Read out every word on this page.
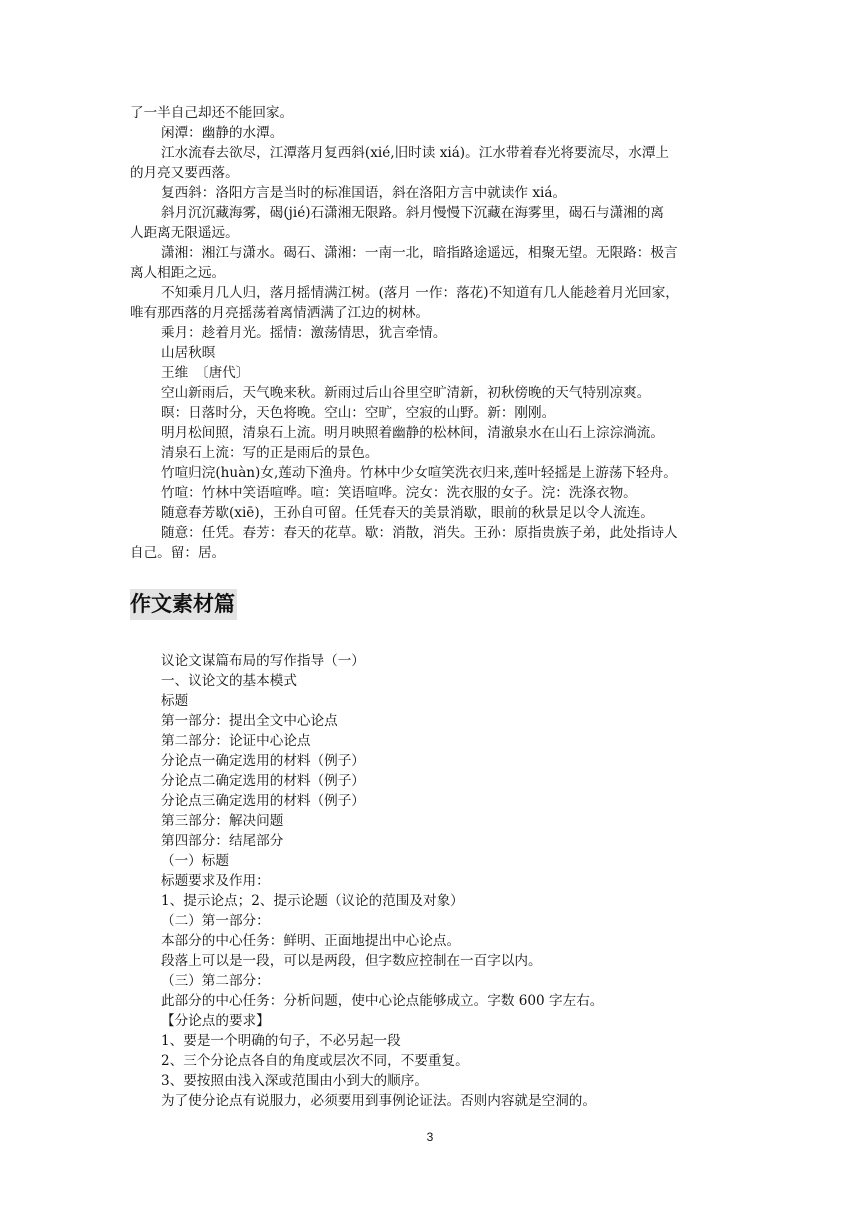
了一半自己却还不能回家。
闲潭：幽静的水潭。
江水流春去欲尽，江潭落月复西斜(xié,旧时读 xiá)。江水带着春光将要流尽，水潭上
的月亮又要西落。
复西斜：洛阳方言是当时的标准国语，斜在洛阳方言中就读作 xiá。
斜月沉沉藏海雾，碣(jié)石潇湘无限路。斜月慢慢下沉藏在海雾里，碣石与潇湘的离
人距离无限遥远。
潇湘：湘江与潇水。碣石、潇湘：一南一北，暗指路途遥远，相聚无望。无限路：极言
离人相距之远。
不知乘月几人归，落月摇情满江树。(落月 一作：落花)不知道有几人能趁着月光回家，
唯有那西落的月亮摇荡着离情洒满了江边的树林。
乘月：趁着月光。摇情：激荡情思，犹言牵情。
山居秋暝
王维　〔唐代〕
空山新雨后，天气晚来秋。新雨过后山谷里空旷清新，初秋傍晚的天气特别凉爽。
暝：日落时分，天色将晚。空山：空旷，空寂的山野。新：刚刚。
明月松间照，清泉石上流。明月映照着幽静的松林间，清澈泉水在山石上淙淙淌流。
清泉石上流：写的正是雨后的景色。
竹喧归浣(huàn)女,莲动下渔舟。竹林中少女喧笑洗衣归来,莲叶轻摇是上游荡下轻舟。
竹喧：竹林中笑语喧哗。喧：笑语喧哗。浣女：洗衣服的女子。浣：洗涤衣物。
随意春芳歇(xiē)，王孙自可留。任凭春天的美景消歇，眼前的秋景足以令人流连。
随意：任凭。春芳：春天的花草。歇：消散，消失。王孙：原指贵族子弟，此处指诗人
自己。留：居。
作文素材篇
议论文谋篇布局的写作指导（一）
一、议论文的基本模式
标题
第一部分：提出全文中心论点
第二部分：论证中心论点
分论点一确定选用的材料（例子）
分论点二确定选用的材料（例子）
分论点三确定选用的材料（例子）
第三部分：解决问题
第四部分：结尾部分
（一）标题
标题要求及作用：
1、提示论点；2、提示论题（议论的范围及对象）
（二）第一部分：
本部分的中心任务：鲜明、正面地提出中心论点。
段落上可以是一段，可以是两段，但字数应控制在一百字以内。
（三）第二部分：
此部分的中心任务：分析问题，使中心论点能够成立。字数 600 字左右。
【分论点的要求】
1、要是一个明确的句子，不必另起一段
2、三个分论点各自的角度或层次不同，不要重复。
3、要按照由浅入深或范围由小到大的顺序。
为了使分论点有说服力，必须要用到事例论证法。否则内容就是空洞的。
3
